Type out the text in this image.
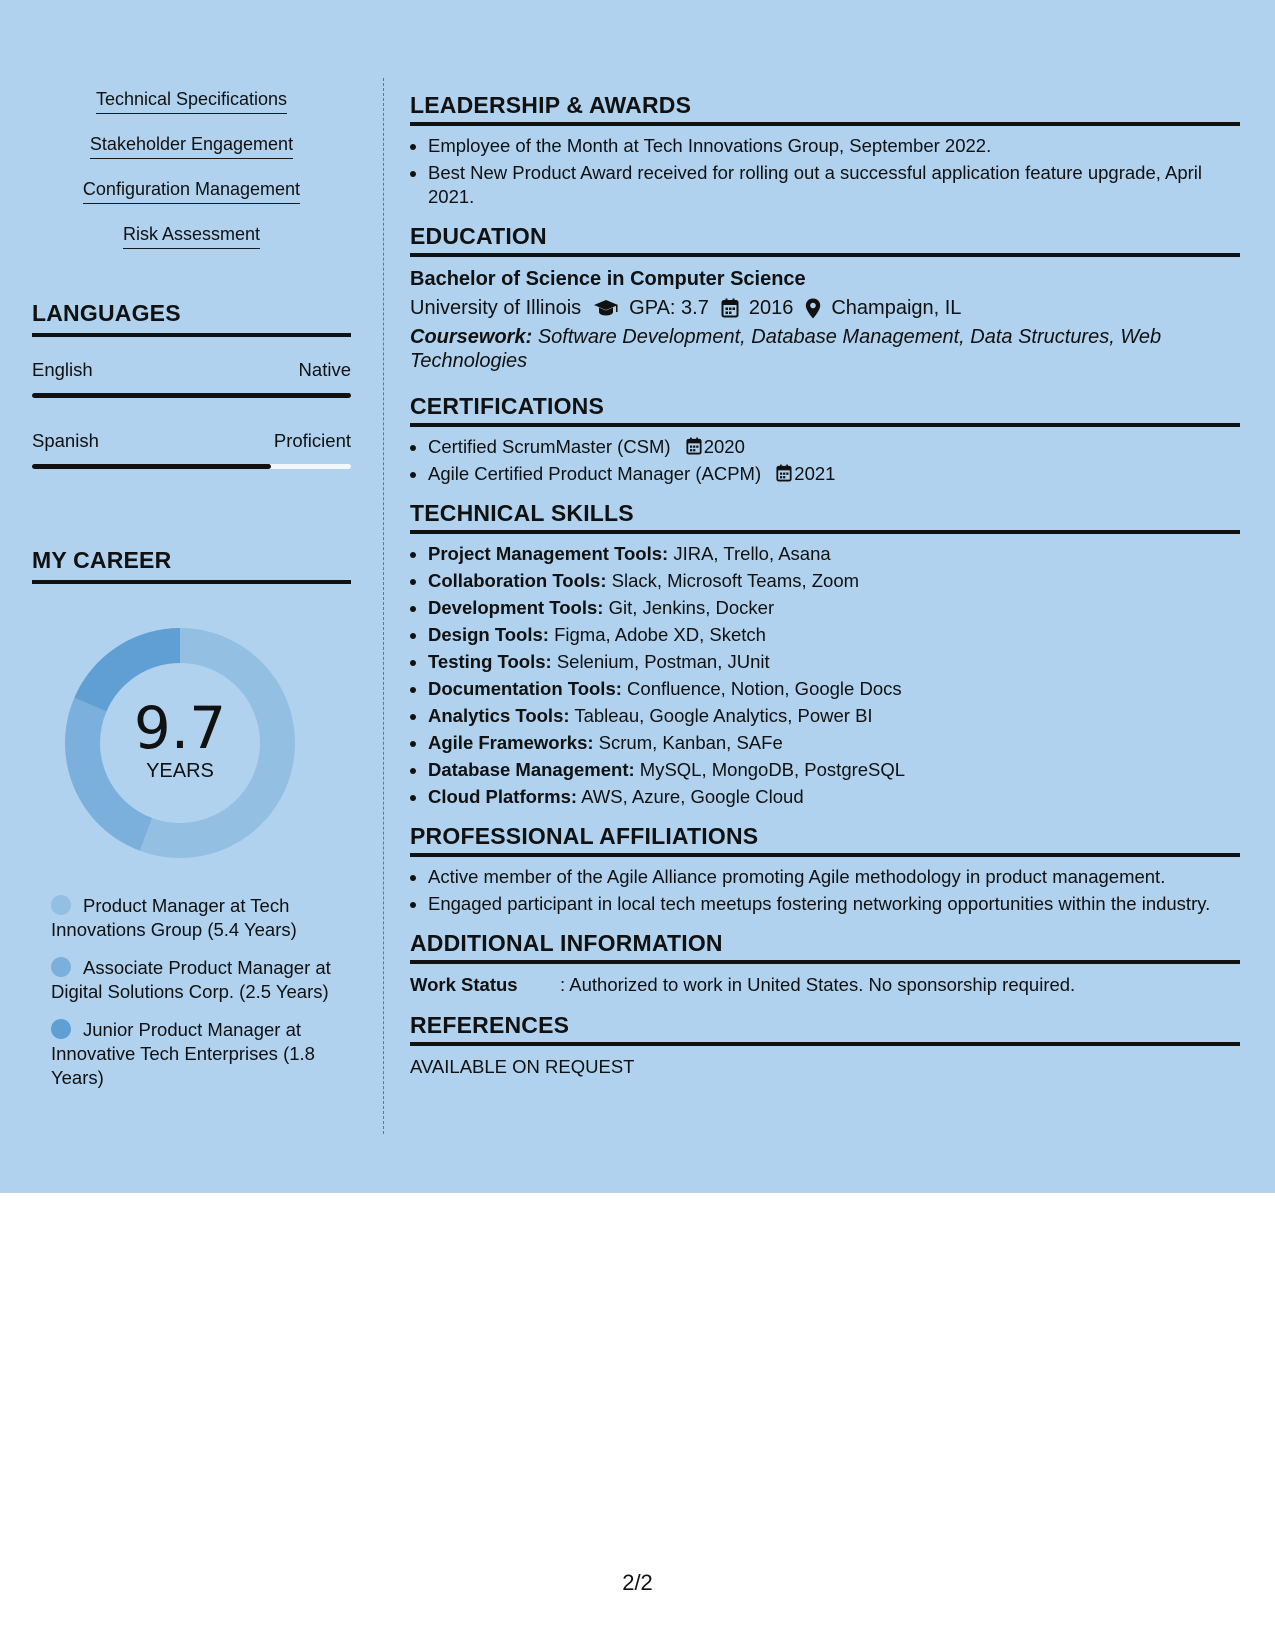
Technical Specifications
Stakeholder Engagement
Configuration Management
Risk Assessment
LANGUAGES
English	Native
Spanish	Proficient
MY CAREER
9.7
YEARS
Product Manager at Tech Innovations Group (5.4 Years)
Associate Product Manager at Digital Solutions Corp. (2.5 Years)
Junior Product Manager at Innovative Tech Enterprises (1.8 Years)
LEADERSHIP & AWARDS
• Employee of the Month at Tech Innovations Group, September 2022.
• Best New Product Award received for rolling out a successful application feature upgrade, April 2021.
EDUCATION
Bachelor of Science in Computer Science
University of Illinois GPA: 3.7 2016 Champaign, IL
Coursework: Software Development, Database Management, Data Structures, Web Technologies
CERTIFICATIONS
• Certified ScrumMaster (CSM) 2020
• Agile Certified Product Manager (ACPM) 2021
TECHNICAL SKILLS
• Project Management Tools: JIRA, Trello, Asana
• Collaboration Tools: Slack, Microsoft Teams, Zoom
• Development Tools: Git, Jenkins, Docker
• Design Tools: Figma, Adobe XD, Sketch
• Testing Tools: Selenium, Postman, JUnit
• Documentation Tools: Confluence, Notion, Google Docs
• Analytics Tools: Tableau, Google Analytics, Power BI
• Agile Frameworks: Scrum, Kanban, SAFe
• Database Management: MySQL, MongoDB, PostgreSQL
• Cloud Platforms: AWS, Azure, Google Cloud
PROFESSIONAL AFFILIATIONS
• Active member of the Agile Alliance promoting Agile methodology in product management.
• Engaged participant in local tech meetups fostering networking opportunities within the industry.
ADDITIONAL INFORMATION
Work Status : Authorized to work in United States. No sponsorship required.
REFERENCES
AVAILABLE ON REQUEST
2/2
